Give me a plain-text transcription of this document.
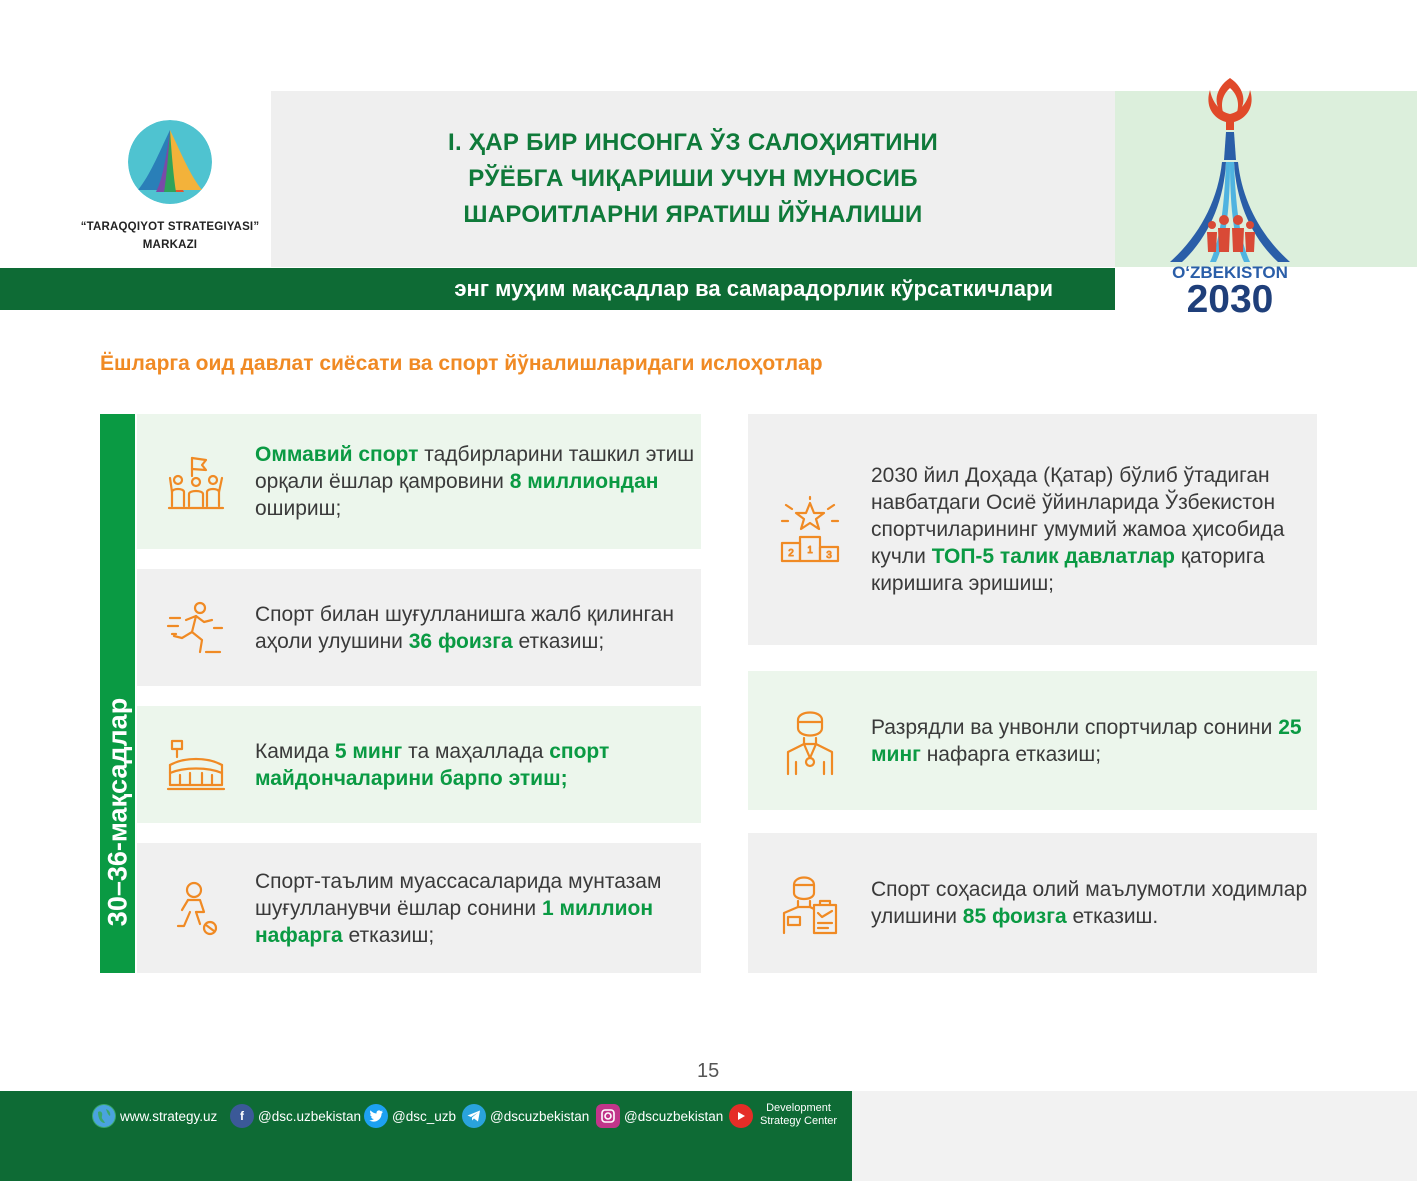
“TARAQQIYOT STRATEGIYASI”
MARKAZI
I. ҲАР БИР ИНСОНГА ЎЗ САЛОҲИЯТИНИ
РЎЁБГА ЧИҚАРИШИ УЧУН МУНОСИБ
ШАРОИТЛАРНИ ЯРАТИШ ЙЎНАЛИШИ
энг муҳим мақсадлар ва самарадорлик кўрсаткичлари
OʻZBEKISTON
2030
Ёшларга оид давлат сиёсати ва спорт йўналишларидаги ислоҳотлар
30–36-мақсадлар
Оммавий спорт тадбирларини ташкил этиш орқали ёшлар қамровини 8 миллиондан ошириш;
Спорт билан шуғулланишга жалб қилинган аҳоли улушини 36 фоизга етказиш;
Камида 5 минг та маҳаллада спорт майдончаларини барпо этиш;
Спорт-таълим муассасаларида мунтазам шуғулланувчи ёшлар сонини 1 миллион нафарга етказиш;
1
2	3
2030 йил Доҳада (Қатар) бўлиб ўтадиган навбатдаги Осиё ўйинларида Ўзбекистон спортчиларининг умумий жамоа ҳисобида кучли ТОП-5 талик давлатлар қаторига киришига эришиш;
Разрядли ва унвонли спортчилар сонини 25 минг нафарга етказиш;
Спорт соҳасида олий маълумотли ходимлар улишини 85 фоизга етказиш.
15
www.strategy.uz	f	@dsc.uzbekistan @dsc_uzb	@dscuzbekistan	@dscuzbekistan
Development
Strategy Center
